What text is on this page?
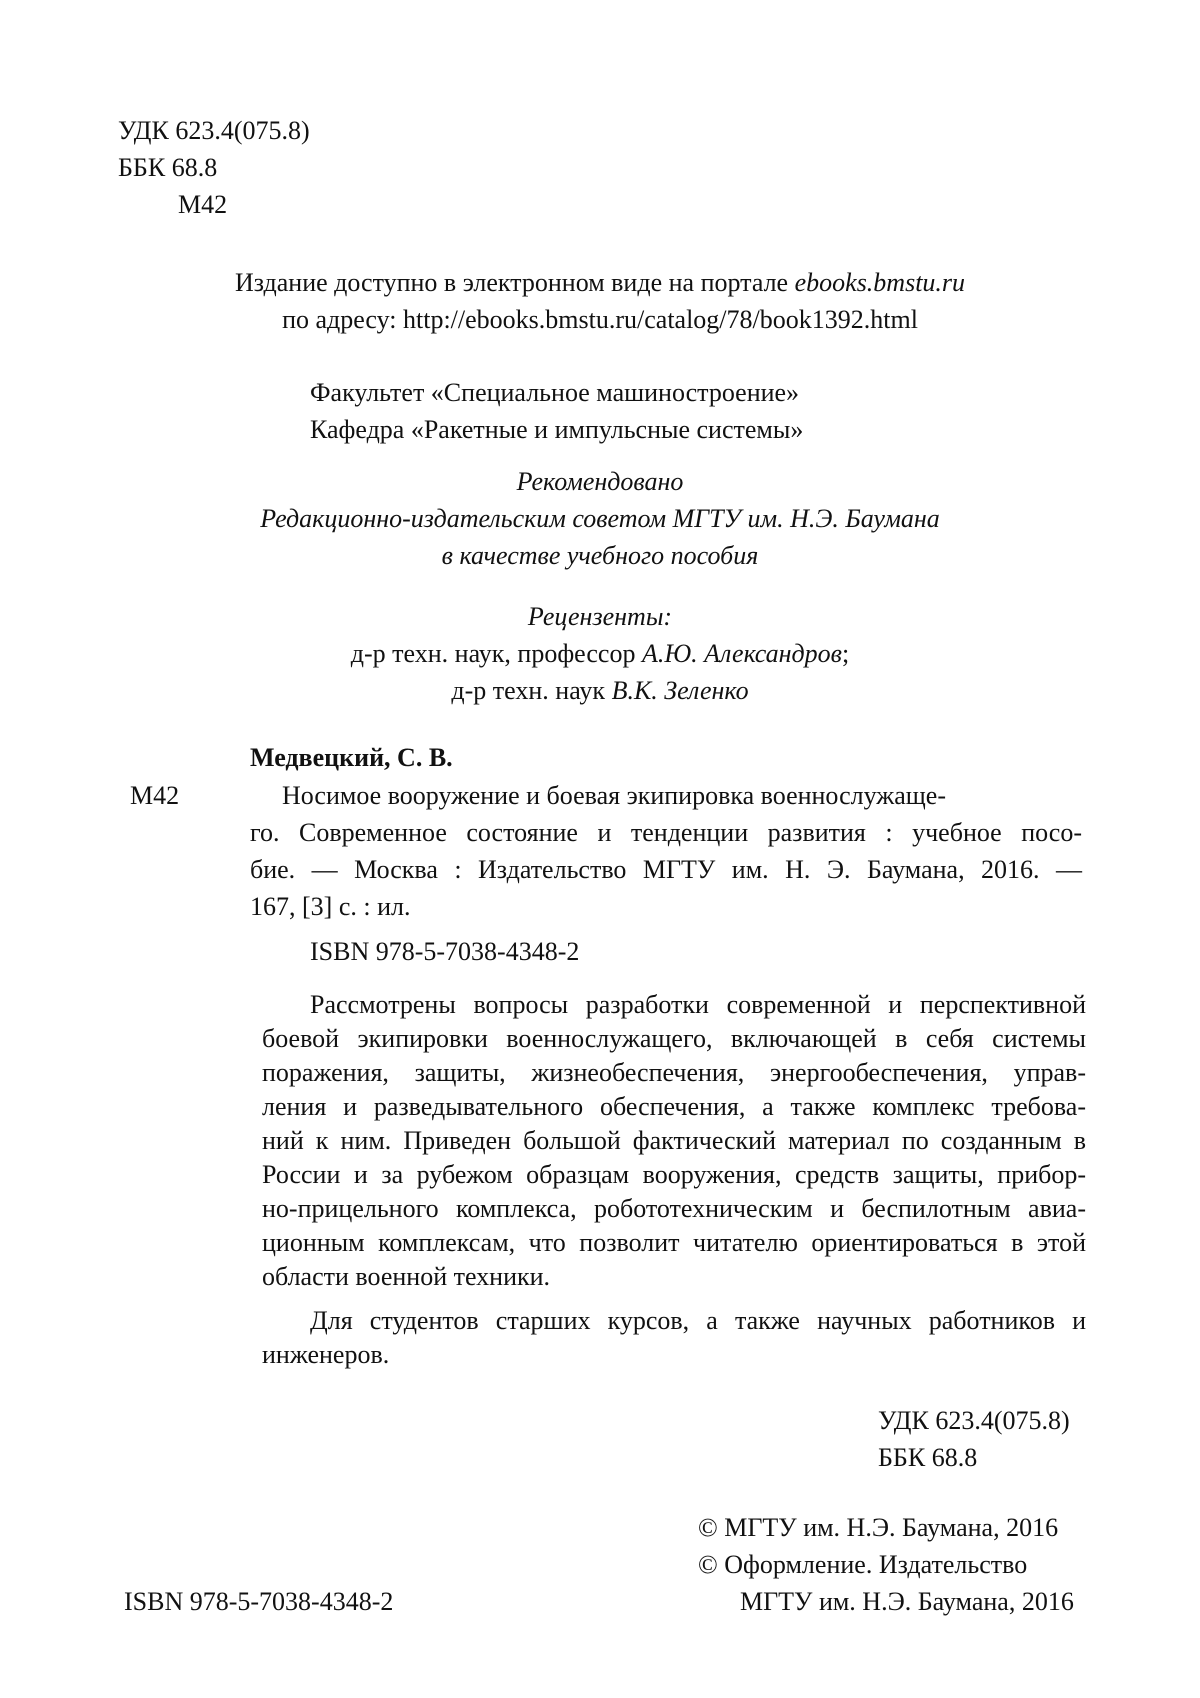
УДК 623.4(075.8)
ББК 68.8
М42
Издание доступно в электронном виде на портале ebooks.bmstu.ru
по адресу: http://ebooks.bmstu.ru/catalog/78/book1392.html
Факультет «Специальное машиностроение»
Кафедра «Ракетные и импульсные системы»
Рекомендовано
Редакционно-издательским советом МГТУ им. Н.Э. Баумана
в качестве учебного пособия
Рецензенты:
д-р техн. наук, профессор А.Ю. Александров;
д-р техн. наук В.К. Зеленко
Медвецкий, С. В.
М42	Носимое вооружение и боевая экипировка военнослужаще-
го. Современное состояние и тенденции развития : учебное посо-
бие. — Москва : Издательство МГТУ им. Н. Э. Баумана, 2016. —
167, [3] с. : ил.
ISBN 978-5-7038-4348-2
Рассмотрены вопросы разработки современной и перспективной
боевой экипировки военнослужащего, включающей в себя системы
поражения, защиты, жизнеобеспечения, энергообеспечения, управ-
ления и разведывательного обеспечения, а также комплекс требова-
ний к ним. Приведен большой фактический материал по созданным в
России и за рубежом образцам вооружения, средств защиты, прибор-
но-прицельного комплекса, робототехническим и беспилотным авиа-
ционным комплексам, что позволит читателю ориентироваться в этой
области военной техники.
Для студентов старших курсов, а также научных работников и
инженеров.
УДК 623.4(075.8)
ББК 68.8
© МГТУ им. Н.Э. Баумана, 2016
© Оформление. Издательство
МГТУ им. Н.Э. Баумана, 2016
ISBN 978-5-7038-4348-2
